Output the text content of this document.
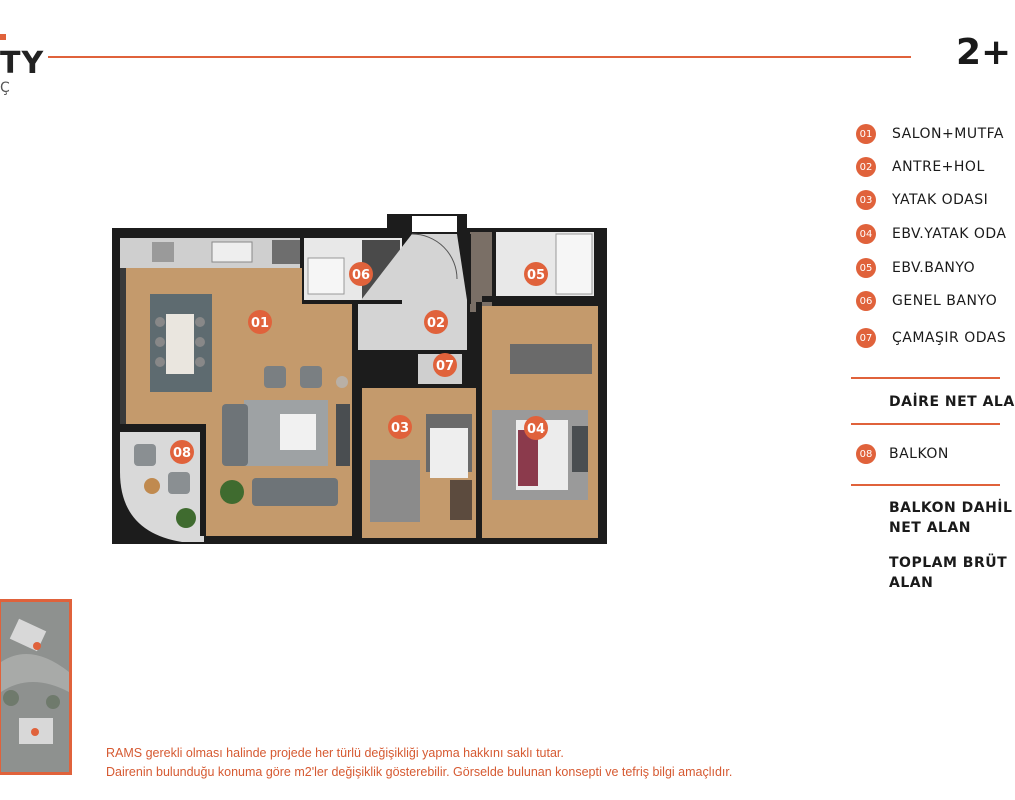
TY
Ç
2+
01	02
03	04
05
06
07
08
01 SALON+MUTFA
02 ANTRE+HOL
03 YATAK ODASI
04 EBV.YATAK ODA
05 EBV.BANYO
06 GENEL BANYO
07 ÇAMAŞIR ODAS
DAİRE NET ALA
08 BALKON
BALKON DAHİL
NET ALAN
TOPLAM BRÜT
ALAN
RAMS gerekli olması halinde projede her türlü değişikliği yapma hakkını saklı tutar.
Dairenin bulunduğu konuma göre m2'ler değişiklik gösterebilir. Görselde bulunan konsepti ve tefriş bilgi amaçlıdır.
